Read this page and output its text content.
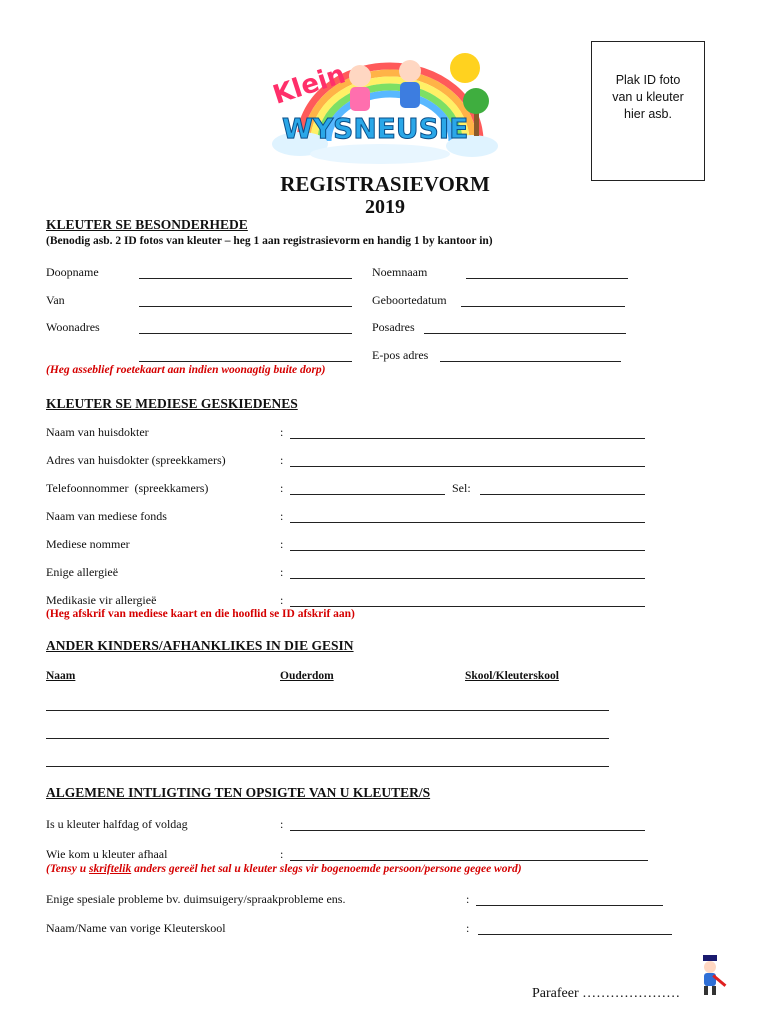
Klein
WYSNEUSIE
Plak ID foto
van u kleuter
hier asb.
REGISTRASIEVORM
2019
KLEUTER SE BESONDERHEDE
(Benodig asb. 2 ID fotos van kleuter – heg 1 aan registrasievorm en handig 1 by kantoor in)
Doopname	Noemnaam
Van	Geboortedatum
Woonadres	Posadres
E-pos adres
(Heg asseblief roetekaart aan indien woonagtig buite dorp)
KLEUTER SE MEDIESE GESKIEDENES
Naam van huisdokter	:
Adres van huisdokter (spreekkamers)	:
Telefoonnommer  (spreekkamers)	:	Sel:
Naam van mediese fonds	:
Mediese nommer	:
Enige allergieë	:
Medikasie vir allergieë	:
(Heg afskrif van mediese kaart en die hooflid se ID afskrif aan)
ANDER KINDERS/AFHANKLIKES IN DIE GESIN
Naam	Ouderdom	Skool/Kleuterskool
ALGEMENE INTLIGTING TEN OPSIGTE VAN U KLEUTER/S
Is u kleuter halfdag of voldag	:
Wie kom u kleuter afhaal	:
(Tensy u skriftelik anders gereël het sal u kleuter slegs vir bogenoemde persoon/persone gegee word)
Enige spesiale probleme bv. duimsuigery/spraakprobleme ens.	:
Naam/Name van vorige Kleuterskool	:
Parafeer …………………
